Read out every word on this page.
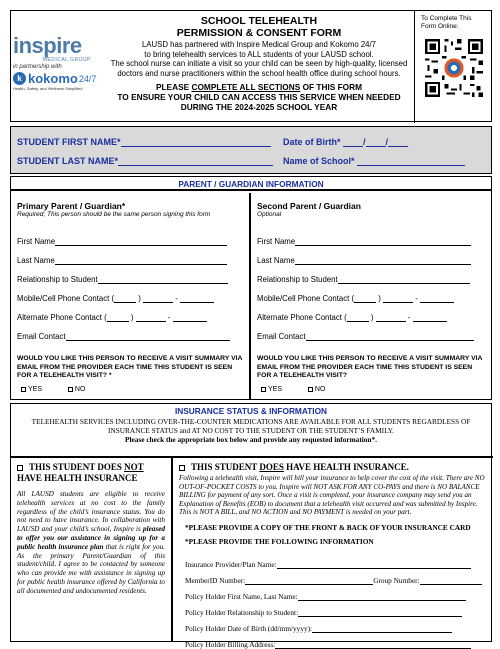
inspire
MEDICAL GROUP
in partnership with
k kokomo 24/7
Health, Safety, and Wellness Simplified
SCHOOL TELEHEALTH
PERMISSION & CONSENT FORM
LAUSD has partnered with Inspire Medical Group and Kokomo 24/7
to bring telehealth services to ALL students of your LAUSD school.
The school nurse can initiate a visit so your child can be seen by high-quality, licensed
doctors and nurse practitioners within the school health office during school hours.
PLEASE COMPLETE ALL SECTIONS OF THIS FORM
TO ENSURE YOUR CHILD CAN ACCESS THIS SERVICE WHEN NEEDED
DURING THE 2024-2025 SCHOOL YEAR
To Complete This
Form Online:
STUDENT FIRST NAME*	Date of Birth*	/ /
STUDENT LAST NAME*	Name of School*
PARENT / GUARDIAN INFORMATION
Primary Parent / Guardian*
Required; This person should be the same person signing this form
First Name
Last Name
Relationship to Student
Mobile/Cell Phone Contact (	)	-
Alternate Phone Contact (	)	-
Email Contact
WOULD YOU LIKE THIS PERSON TO RECEIVE A VISIT SUMMARY VIA EMAIL FROM THE PROVIDER EACH TIME THIS STUDENT IS SEEN FOR A TELEHEALTH VISIT? *
YES	NO
Second Parent / Guardian
Optional
First Name
Last Name
Relationship to Student
Mobile/Cell Phone Contact (	)	-
Alternate Phone Contact (	)	-
Email Contact
WOULD YOU LIKE THIS PERSON TO RECEIVE A VISIT SUMMARY VIA EMAIL FROM THE PROVIDER EACH TIME THIS STUDENT IS SEEN FOR A TELEHEALTH VISIT?
YES	NO
INSURANCE STATUS & INFORMATION
TELEHEALTH SERVICES INCLUDING OVER-THE-COUNTER MEDICATIONS ARE AVAILABLE FOR ALL STUDENTS REGARDLESS OF
INSURANCE STATUS and AT NO COST TO THE STUDENT OR THE STUDENT’S FAMILY.
Please check the appropriate box below and provide any requested information*.
THIS STUDENT DOES NOT
HAVE HEALTH INSURANCE
All LAUSD students are eligible to receive telehealth services at no cost to the family regardless of the child’s insurance status. You do not need to have insurance. In collaboration with LAUSD and your child’s school, Inspire is pleased to offer you our assistance in signing up for a public health insurance plan that is right for you. As the primary Parent/Guardian of this student/child, I agree to be contacted by someone who can provide me with assistance in signing up for public health insurance offered by California to all documented and undocumented residents.
THIS STUDENT DOES HAVE HEALTH INSURANCE.
Following a telehealth visit, Inspire will bill your insurance to help cover the cost of the visit. There are NO OUT-OF-POCKET COSTS to you. Inspire will NOT ASK FOR ANY CO-PAYS and there is NO BALANCE BILLING for payment of any sort. Once a visit is completed, your insurance company may send you an Explanation of Benefits (EOB) to document that a telehealth visit occurred and was submitted by Inspire. This is NOT A BILL, and NO ACTION and NO PAYMENT is needed on your part.
*PLEASE PROVIDE A COPY OF THE FRONT & BACK OF YOUR INSURANCE CARD
*PLEASE PROVIDE THE FOLLOWING INFORMATION
Insurance Provider/Plan Name:
MemberID Number:	Group Number:
Policy Holder First Name, Last Name:
Policy Holder Relationship to Student:
Policy Holder Date of Birth (dd/mm/yyyy):
Policy Holder Billing Address:
